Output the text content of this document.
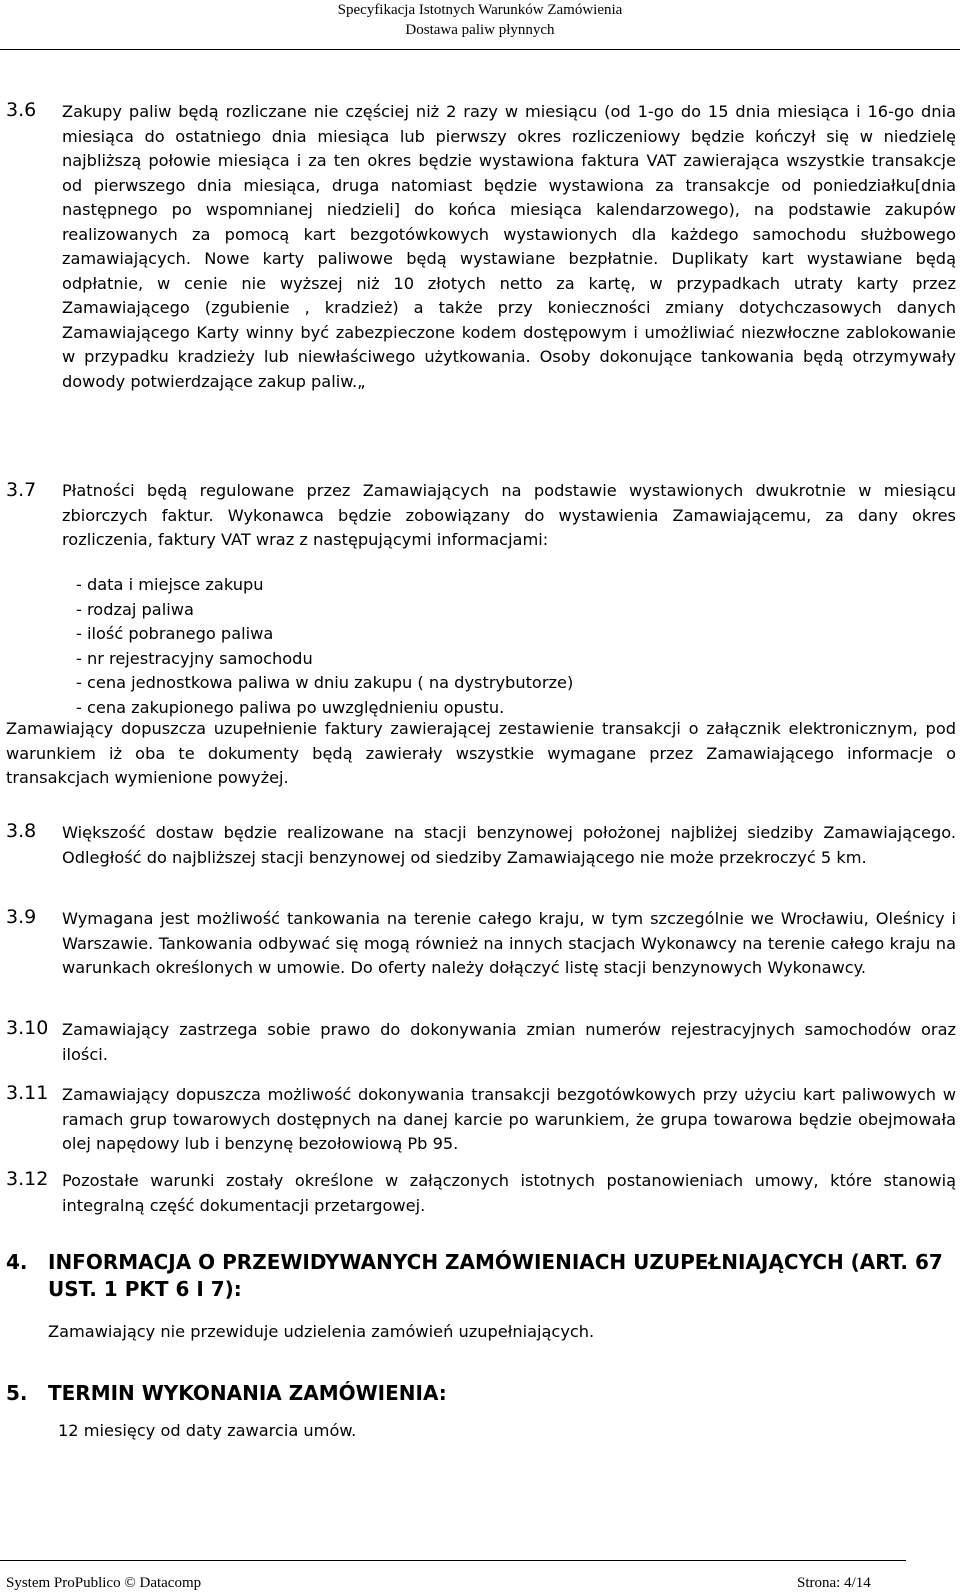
Specyfikacja Istotnych Warunków Zamówienia
Dostawa paliw płynnych
3.6 Zakupy paliw będą rozliczane nie częściej niż 2 razy w miesiącu (od 1-go do 15 dnia miesiąca i 16-go dnia miesiąca do ostatniego dnia miesiąca lub pierwszy okres rozliczeniowy będzie kończył się w niedzielę najbliższą połowie miesiąca i za ten okres będzie wystawiona faktura VAT zawierająca wszystkie transakcje od pierwszego dnia miesiąca, druga natomiast będzie wystawiona za transakcje od poniedziałku[dnia następnego po wspomnianej niedzieli] do końca miesiąca kalendarzowego), na podstawie zakupów realizowanych za pomocą kart bezgotówkowych wystawionych dla każdego samochodu służbowego zamawiających. Nowe karty paliwowe będą wystawiane bezpłatnie. Duplikaty kart wystawiane będą odpłatnie, w cenie nie wyższej niż 10 złotych netto za kartę, w przypadkach utraty karty przez Zamawiającego (zgubienie , kradzież) a także przy konieczności zmiany dotychczasowych danych Zamawiającego Karty winny być zabezpieczone kodem dostępowym i umożliwiać niezwłoczne zablokowanie w przypadku kradzieży lub niewłaściwego użytkowania. Osoby dokonujące tankowania będą otrzymywały dowody potwierdzające zakup paliw.„
3.7 Płatności będą regulowane przez Zamawiających na podstawie wystawionych dwukrotnie w miesiącu zbiorczych faktur. Wykonawca będzie zobowiązany do wystawienia Zamawiającemu, za dany okres rozliczenia, faktury VAT wraz z następującymi informacjami:
- data i miejsce zakupu
- rodzaj paliwa
- ilość pobranego paliwa
- nr rejestracyjny samochodu
- cena jednostkowa paliwa w dniu zakupu ( na dystrybutorze)
- cena zakupionego paliwa po uwzględnieniu opustu.
Zamawiający dopuszcza uzupełnienie faktury zawierającej zestawienie transakcji o załącznik elektronicznym, pod warunkiem iż oba te dokumenty będą zawierały wszystkie wymagane przez Zamawiającego informacje o transakcjach wymienione powyżej.
3.8 Większość dostaw będzie realizowane na stacji benzynowej położonej najbliżej siedziby Zamawiającego. Odległość do najbliższej stacji benzynowej od siedziby Zamawiającego nie może przekroczyć 5 km.
3.9 Wymagana jest możliwość tankowania na terenie całego kraju, w tym szczególnie we Wrocławiu, Oleśnicy i Warszawie. Tankowania odbywać się mogą również na innych stacjach Wykonawcy na terenie całego kraju na warunkach określonych w umowie. Do oferty należy dołączyć listę stacji benzynowych Wykonawcy.
3.10 Zamawiający zastrzega sobie prawo do dokonywania zmian numerów rejestracyjnych samochodów oraz ilości.
3.11 Zamawiający dopuszcza możliwość dokonywania transakcji bezgotówkowych przy użyciu kart paliwowych w ramach grup towarowych dostępnych na danej karcie po warunkiem, że grupa towarowa będzie obejmowała olej napędowy lub i benzynę bezołowiową Pb 95.
3.12 Pozostałe warunki zostały określone w załączonych istotnych postanowieniach umowy, które stanowią integralną część dokumentacji przetargowej.
4. INFORMACJA O PRZEWIDYWANYCH ZAMÓWIENIACH UZUPEŁNIAJĄCYCH (ART. 67 UST. 1 PKT 6 I 7):
Zamawiający nie przewiduje udzielenia zamówień uzupełniających.
5. TERMIN WYKONANIA ZAMÓWIENIA:
12 miesięcy od daty zawarcia umów.
System ProPublico © Datacomp	Strona: 4/14
